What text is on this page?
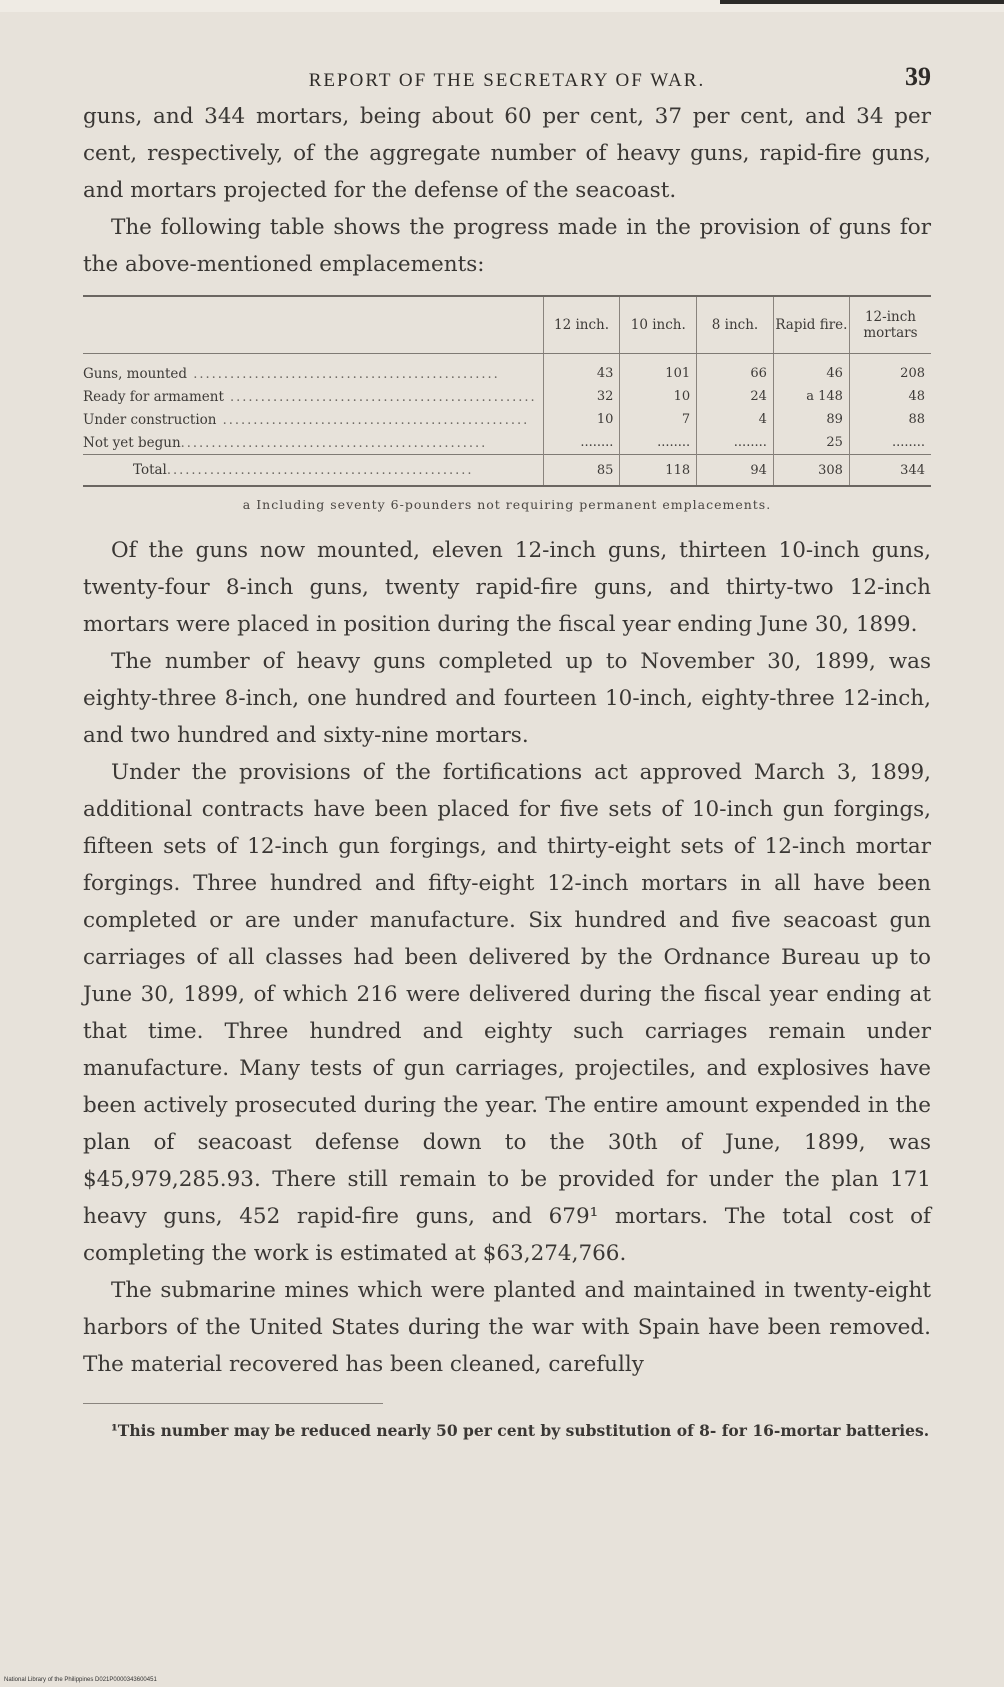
REPORT OF THE SECRETARY OF WAR.	39

guns, and 344 mortars, being about 60 per cent, 37 per cent, and 34 per cent, respectively, of the aggregate number of heavy guns, rapid-fire guns, and mortars projected for the defense of the seacoast.

The following table shows the progress made in the provision of guns for the above-mentioned emplacements:

	12 inch.	10 inch.	8 inch.	Rapid fire.	12-inch mortars
Guns, mounted ..................................................	43	101	66	46	208
Ready for armament ..................................................	32	10	24	a 148	48
Under construction ..................................................	10	7	4	89	88
Not yet begun..................................................	........	........	........	25	........
Total..................................................	85	118	94	308	344
a Including seventy 6-pounders not requiring permanent emplacements.

Of the guns now mounted, eleven 12-inch guns, thirteen 10-inch guns, twenty-four 8-inch guns, twenty rapid-fire guns, and thirty-two 12-inch mortars were placed in position during the fiscal year ending June 30, 1899.

The number of heavy guns completed up to November 30, 1899, was eighty-three 8-inch, one hundred and fourteen 10-inch, eighty-three 12-inch, and two hundred and sixty-nine mortars.

Under the provisions of the fortifications act approved March 3, 1899, additional contracts have been placed for five sets of 10-inch gun forgings, fifteen sets of 12-inch gun forgings, and thirty-eight sets of 12-inch mortar forgings. Three hundred and fifty-eight 12-inch mortars in all have been completed or are under manufacture. Six hundred and five seacoast gun carriages of all classes had been delivered by the Ordnance Bureau up to June 30, 1899, of which 216 were delivered during the fiscal year ending at that time. Three hundred and eighty such carriages remain under manufacture. Many tests of gun carriages, projectiles, and explosives have been actively prosecuted during the year. The entire amount expended in the plan of seacoast defense down to the 30th of June, 1899, was $45,979,285.93. There still remain to be provided for under the plan 171 heavy guns, 452 rapid-fire guns, and 679¹ mortars. The total cost of completing the work is estimated at $63,274,766.

The submarine mines which were planted and maintained in twenty-eight harbors of the United States during the war with Spain have been removed. The material recovered has been cleaned, carefully

¹This number may be reduced nearly 50 per cent by substitution of 8- for 16-mortar batteries.

National Library of the Philippines D021P0000343600451
